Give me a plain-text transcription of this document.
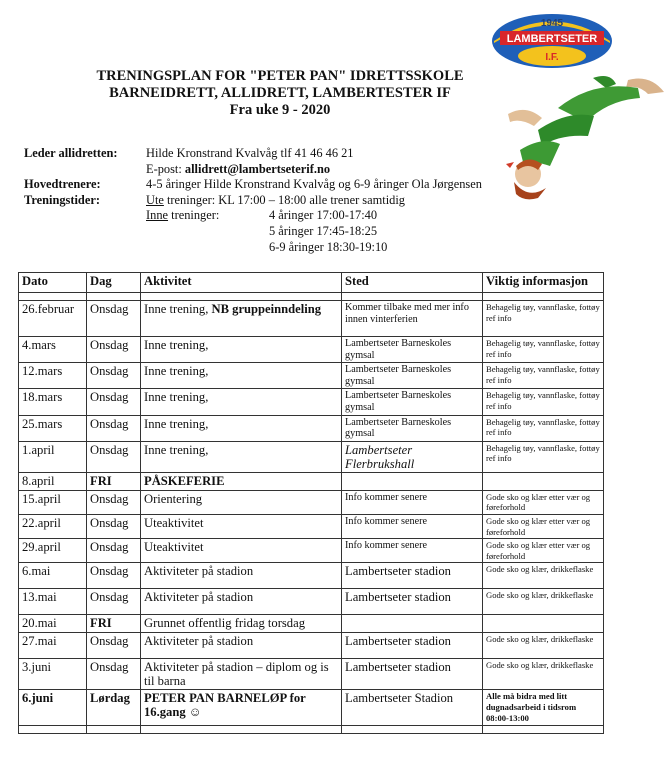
1945
LAMBERTSETER
I.F.
TRENINGSPLAN FOR "PETER PAN" IDRETTSSKOLE
BARNEIDRETT, ALLIDRETT, LAMBERTESTER IF
Fra uke 9 - 2020
Leder allidretten: Hilde Kronstrand Kvalvåg tlf 41 46 46 21
E-post: allidrett@lambertseterif.no
Hovedtrenere:	4-5 åringer Hilde Kronstrand Kvalvåg og 6-9 åringer Ola Jørgensen
Treningstider:	Ute treninger: KL 17:00 – 18:00 alle trener samtidig
Inne treninger:	4 åringer 17:00-17:40
5 åringer 17:45-18:25
6-9 åringer 18:30-19:10
Dato	Dag	Aktivitet	Sted	Viktig informasjon

26.februar	Onsdag	Inne trening, NB gruppeinndeling	Kommer tilbake med mer info innen vinterferien	Behagelig tøy, vannflaske, fottøy ref info
4.mars	Onsdag	Inne trening,	Lambertseter Barneskoles gymsal	Behagelig tøy, vannflaske, fottøy ref info
12.mars	Onsdag	Inne trening,	Lambertseter Barneskoles gymsal	Behagelig tøy, vannflaske, fottøy ref info
18.mars	Onsdag	Inne trening,	Lambertseter Barneskoles gymsal	Behagelig tøy, vannflaske, fottøy ref info
25.mars	Onsdag	Inne trening,	Lambertseter Barneskoles gymsal	Behagelig tøy, vannflaske, fottøy ref info
1.april	Onsdag	Inne trening,	Lambertseter Flerbrukshall	Behagelig tøy, vannflaske, fottøy ref info
8.april	FRI	PÅSKEFERIE		
15.april	Onsdag	Orientering	Info kommer senere	Gode sko og klær etter vær og føreforhold
22.april	Onsdag	Uteaktivitet	Info kommer senere	Gode sko og klær etter vær og føreforhold
29.april	Onsdag	Uteaktivitet	Info kommer senere	Gode sko og klær etter vær og føreforhold
6.mai	Onsdag	Aktiviteter på stadion	Lambertseter stadion	Gode sko og klær, drikkeflaske
13.mai	Onsdag	Aktiviteter på stadion	Lambertseter stadion	Gode sko og klær, drikkeflaske
20.mai	FRI	Grunnet offentlig fridag torsdag		
27.mai	Onsdag	Aktiviteter på stadion	Lambertseter stadion	Gode sko og klær, drikkeflaske
3.juni	Onsdag	Aktiviteter på stadion – diplom og is til barna	Lambertseter stadion	Gode sko og klær, drikkeflaske
6.juni	Lørdag	PETER PAN BARNELØP for 16.gang ☺	Lambertseter Stadion	Alle må bidra med litt dugnadsarbeid i tidsrom 08:00-13:00
